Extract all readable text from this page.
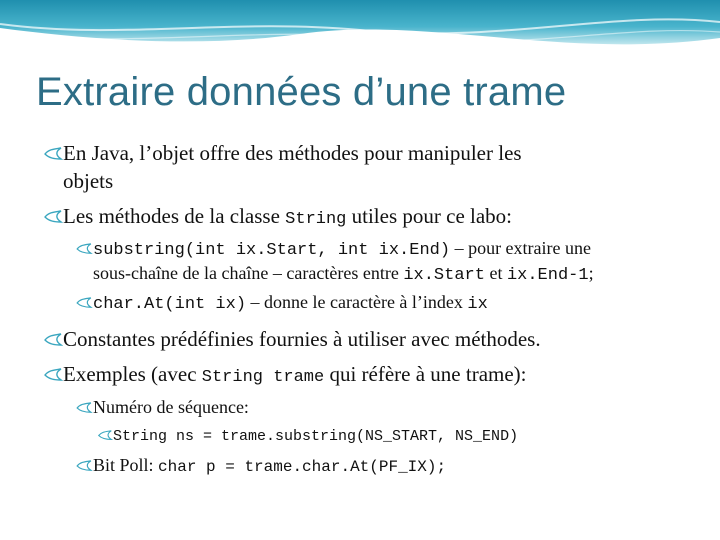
Extraire données d’une trame
En Java, l’objet offre des méthodes pour manipuler les
objets
Les méthodes de la classe String utiles pour ce labo:
substring(int ix.Start, int ix.End) – pour extraire une
sous-chaîne de la chaîne – caractères entre ix.Start et ix.End-1;
char.At(int ix) – donne le caractère à l’index ix
Constantes prédéfinies fournies à utiliser avec méthodes.
Exemples (avec String trame qui réfère à une trame):
Numéro de séquence:
String ns = trame.substring(NS_START, NS_END)
Bit Poll: char p = trame.char.At(PF_IX);
